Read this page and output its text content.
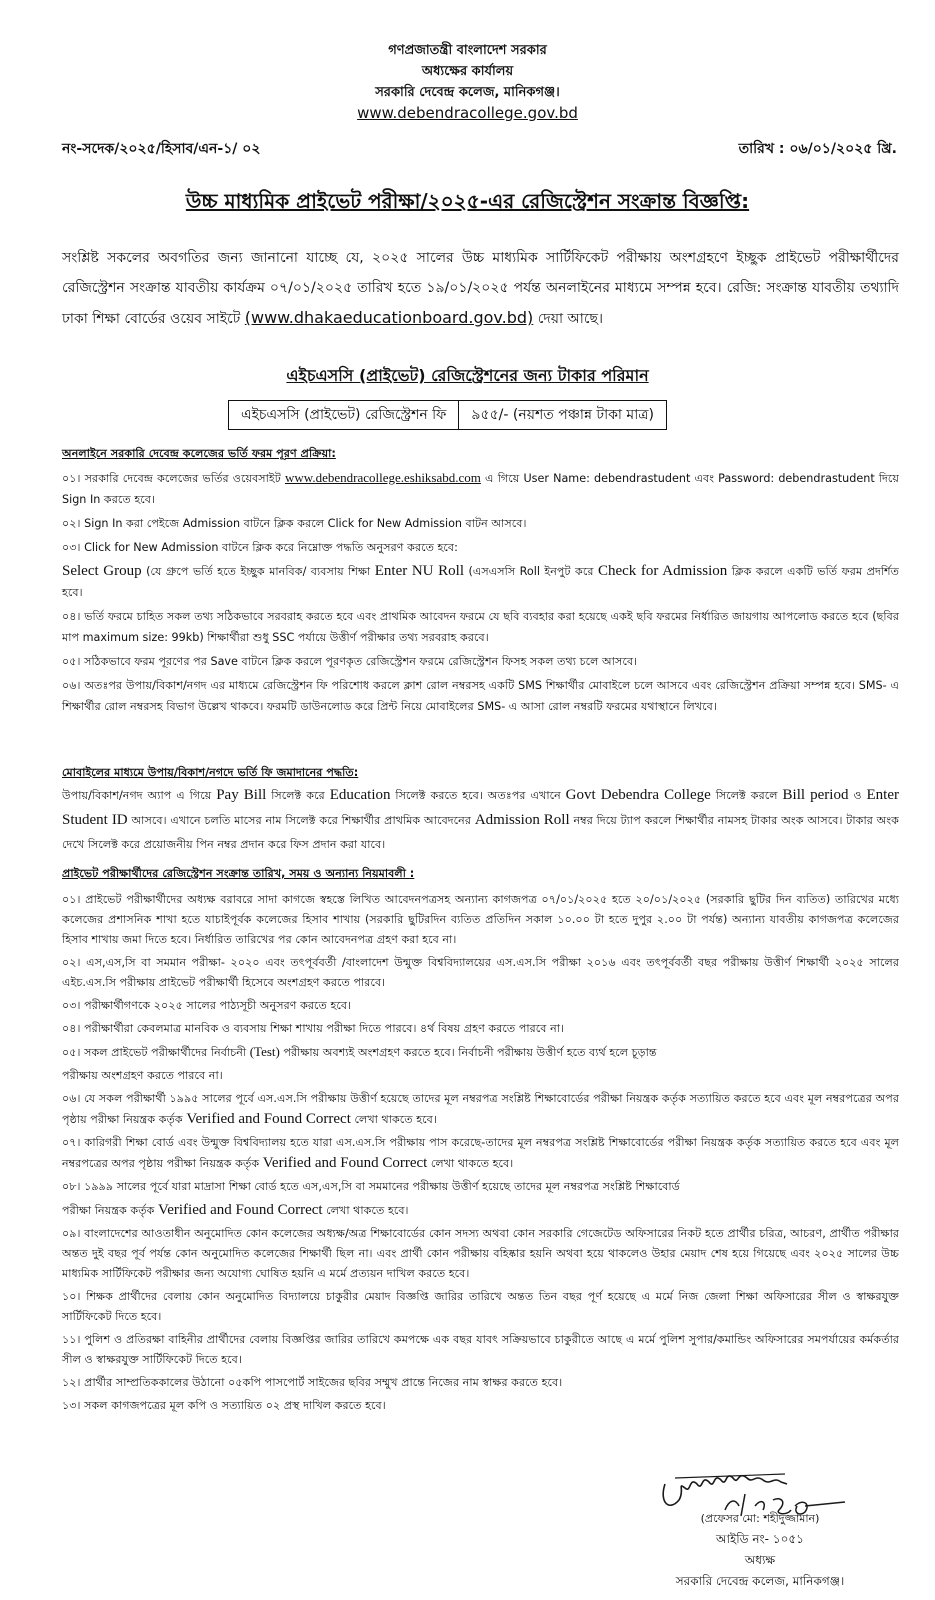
গণপ্রজাতন্ত্রী বাংলাদেশ সরকার
অধ্যক্ষের কার্যালয়
সরকারি দেবেন্দ্র কলেজ, মানিকগঞ্জ।
www.debendracollege.gov.bd
নং-সদেক/২০২৫/হিসাব/এন-১/ ০২	তারিখ : ০৬/০১/২০২৫ খ্রি.
উচ্চ মাধ্যমিক প্রাইভেট পরীক্ষা/২০২৫-এর রেজিস্ট্রেশন সংক্রান্ত বিজ্ঞপ্তি:
সংশ্লিষ্ট সকলের অবগতির জন্য জানানো যাচ্ছে যে, ২০২৫ সালের উচ্চ মাধ্যমিক সার্টিফিকেট পরীক্ষায় অংশগ্রহণে ইচ্ছুক প্রাইভেট পরীক্ষার্থীদের রেজিস্ট্রেশন সংক্রান্ত যাবতীয় কার্যক্রম ০৭/০১/২০২৫ তারিখ হতে ১৯/০১/২০২৫ পর্যন্ত অনলাইনের মাধ্যমে সম্পন্ন হবে। রেজি: সংক্রান্ত যাবতীয় তথ্যাদি ঢাকা শিক্ষা বোর্ডের ওয়েব সাইটে (www.dhakaeducationboard.gov.bd) দেয়া আছে।
এইচএসসি (প্রাইভেট) রেজিস্ট্রেশনের জন্য টাকার পরিমান
এইচএসসি (প্রাইভেট) রেজিস্ট্রেশন ফি	৯৫৫/- (নয়শত পঞ্চান্ন টাকা মাত্র)
অনলাইনে সরকারি দেবেন্দ্র কলেজের ভর্তি ফরম পূরণ প্রক্রিয়া:
০১। সরকারি দেবেন্দ্র কলেজের ভর্তির ওয়েবসাইট www.debendracollege.eshiksabd.com এ গিয়ে User Name: debendrastudent এবং Password: debendrastudent দিয়ে Sign In করতে হবে।
০২। Sign In করা পেইজে Admission বাটনে ক্লিক করলে Click for New Admission বাটন আসবে।
০৩। Click for New Admission বাটনে ক্লিক করে নিম্নোক্ত পদ্ধতি অনুসরণ করতে হবে:
Select Group (যে গ্রুপে ভর্তি হতে ইচ্ছুক মানবিক/ ব্যবসায় শিক্ষা Enter NU Roll (এসএসসি Roll ইনপুট করে Check for Admission ক্লিক করলে একটি ভর্তি ফরম প্রদর্শিত হবে।
০৪। ভর্তি ফরমে চাহিত সকল তথ্য সঠিকভাবে সরবরাহ করতে হবে এবং প্রাথমিক আবেদন ফরমে যে ছবি ব্যবহার করা হয়েছে একই ছবি ফরমের নির্ধারিত জায়গায় আপলোড করতে হবে (ছবির মাপ maximum size: 99kb) শিক্ষার্থীরা শুধু SSC পর্যায়ে উত্তীর্ণ পরীক্ষার তথ্য সরবরাহ করবে।
০৫। সঠিকভাবে ফরম পূরণের পর Save বাটনে ক্লিক করলে পূরণকৃত রেজিস্ট্রেশন ফরমে রেজিস্ট্রেশন ফিসহ সকল তথ্য চলে আসবে।
০৬। অতঃপর উপায়/বিকাশ/নগদ এর মাধ্যমে রেজিস্ট্রেশন ফি পরিশোধ করলে ক্লাশ রোল নম্বরসহ একটি SMS শিক্ষার্থীর মোবাইলে চলে আসবে এবং রেজিস্ট্রেশন প্রক্রিয়া সম্পন্ন হবে। SMS- এ শিক্ষার্থীর রোল নম্বরসহ বিভাগ উল্লেখ থাকবে। ফরমটি ডাউনলোড করে প্রিন্ট নিয়ে মোবাইলের SMS- এ আসা রোল নম্বরটি ফরমের যথাস্থানে লিখবে।
মোবাইলের মাধ্যমে উপায়/বিকাশ/নগদে ভর্তি ফি জমাদানের পদ্ধতি:
উপায়/বিকাশ/নগদ অ্যাপ এ গিয়ে Pay Bill সিলেক্ট করে Education সিলেক্ট করতে হবে। অতঃপর এখানে Govt Debendra College সিলেক্ট করলে Bill period ও Enter Student ID আসবে। এখানে চলতি মাসের নাম সিলেক্ট করে শিক্ষার্থীর প্রাথমিক আবেদনের Admission Roll নম্বর দিয়ে ট্যাপ করলে শিক্ষার্থীর নামসহ টাকার অংক আসবে। টাকার অংক দেখে সিলেক্ট করে প্রয়োজনীয় পিন নম্বর প্রদান করে ফিস প্রদান করা যাবে।
প্রাইভেট পরীক্ষার্থীদের রেজিস্ট্রেশন সংক্রান্ত তারিখ, সময় ও অন্যান্য নিয়মাবলী :
০১। প্রাইভেট পরীক্ষার্থীদের অধ্যক্ষ বরাবরে সাদা কাগজে স্বহস্তে লিখিত আবেদনপত্রসহ অন্যান্য কাগজপত্র ০৭/০১/২০২৫ হতে ২০/০১/২০২৫ (সরকারি ছুটির দিন ব্যতিত) তারিখের মধ্যে কলেজের প্রশাসনিক শাখা হতে যাচাইপূর্বক কলেজের হিসাব শাখায় (সরকারি ছুটিরদিন ব্যতিত প্রতিদিন সকাল ১০.০০ টা হতে দুপুর ২.০০ টা পর্যন্ত) অন্যান্য যাবতীয় কাগজপত্র কলেজের হিসাব শাখায় জমা দিতে হবে। নির্ধারিত তারিখের পর কোন আবেদনপত্র গ্রহণ করা হবে না।
০২। এস,এস,সি বা সমমান পরীক্ষা- ২০২০ এবং তৎপূর্ববর্তী /বাংলাদেশ উন্মুক্ত বিশ্ববিদ্যালয়ের এস.এস.সি পরীক্ষা ২০১৬ এবং তৎপূর্ববর্তী বছর পরীক্ষায় উত্তীর্ণ শিক্ষার্থী ২০২৫ সালের এইচ.এস.সি পরীক্ষায় প্রাইভেট পরীক্ষার্থী হিসেবে অংশগ্রহণ করতে পারবে।
০৩। পরীক্ষার্থীগণকে ২০২৫ সালের পাঠ্যসূচী অনুসরণ করতে হবে।
০৪। পরীক্ষার্থীরা কেবলমাত্র মানবিক ও ব্যবসায় শিক্ষা শাখায় পরীক্ষা দিতে পারবে। ৪র্থ বিষয় গ্রহণ করতে পারবে না।
০৫। সকল প্রাইভেট পরীক্ষার্থীদের নির্বাচনী (Test) পরীক্ষায় অবশ্যই অংশগ্রহণ করতে হবে। নির্বাচনী পরীক্ষায় উত্তীর্ণ হতে ব্যর্থ হলে চূড়ান্ত
পরীক্ষায় অংশগ্রহণ করতে পারবে না।
০৬। যে সকল পরীক্ষার্থী ১৯৯৫ সালের পূর্বে এস.এস.সি পরীক্ষায় উত্তীর্ণ হয়েছে তাদের মূল নম্বরপত্র সংশ্লিষ্ট শিক্ষাবোর্ডের পরীক্ষা নিয়ন্ত্রক কর্তৃক সত্যায়িত করতে হবে এবং মূল নম্বরপত্রের অপর পৃষ্ঠায় পরীক্ষা নিয়ন্ত্রক কর্তৃক Verified and Found Correct লেখা থাকতে হবে।
০৭। কারিগরী শিক্ষা বোর্ড এবং উন্মুক্ত বিশ্ববিদ্যালয় হতে যারা এস.এস.সি পরীক্ষায় পাস করেছে-তাদের মূল নম্বরপত্র সংশ্লিষ্ট শিক্ষাবোর্ডের পরীক্ষা নিয়ন্ত্রক কর্তৃক সত্যায়িত করতে হবে এবং মূল নম্বরপত্রের অপর পৃষ্ঠায় পরীক্ষা নিয়ন্ত্রক কর্তৃক Verified and Found Correct লেখা থাকতে হবে।
০৮। ১৯৯৯ সালের পূর্বে যারা মাদ্রাসা শিক্ষা বোর্ড হতে এস,এস,সি বা সমমানের পরীক্ষায় উত্তীর্ণ হয়েছে তাদের মূল নম্বরপত্র সংশ্লিষ্ট শিক্ষাবোর্ড
পরীক্ষা নিয়ন্ত্রক কর্তৃক Verified and Found Correct লেখা থাকতে হবে।
০৯। বাংলাদেশের আওতাধীন অনুমোদিত কোন কলেজের অধ্যক্ষ/অত্র শিক্ষাবোর্ডের কোন সদস্য অথবা কোন সরকারি গেজেটেড অফিসারের নিকট হতে প্রার্থীর চরিত্র, আচরণ, প্রার্থীত পরীক্ষার অন্তত দুই বছর পূর্ব পর্যন্ত কোন অনুমোদিত কলেজের শিক্ষার্থী ছিল না। এবং প্রার্থী কোন পরীক্ষায় বহিষ্কার হয়নি অথবা হয়ে থাকলেও উহার মেয়াদ শেষ হয়ে গিয়েছে এবং ২০২৫ সালের উচ্চ মাধ্যমিক সার্টিফিকেট পরীক্ষার জন্য অযোগ্য ঘোষিত হয়নি এ মর্মে প্রত্যয়ন দাখিল করতে হবে।
১০। শিক্ষক প্রার্থীদের বেলায় কোন অনুমোদিত বিদ্যালয়ে চাকুরীর মেয়াদ বিজ্ঞপ্তি জারির তারিখে অন্তত তিন বছর পূর্ণ হয়েছে এ মর্মে নিজ জেলা শিক্ষা অফিসারের সীল ও স্বাক্ষরযুক্ত সার্টিফিকেট দিতে হবে।
১১। পুলিশ ও প্রতিরক্ষা বাহিনীর প্রার্থীদের বেলায় বিজ্ঞপ্তির জারির তারিখে কমপক্ষে এক বছর যাবৎ সক্রিয়ভাবে চাকুরীতে আছে এ মর্মে পুলিশ সুপার/কমান্ডিং অফিসারের সমপর্যায়ের কর্মকর্তার সীল ও স্বাক্ষরযুক্ত সার্টিফিকেট দিতে হবে।
১২। প্রার্থীর সাম্প্রতিককালের উঠানো ০৫কপি পাসপোর্ট সাইজের ছবির সম্মুখ প্রান্তে নিজের নাম স্বাক্ষর করতে হবে।
১৩। সকল কাগজপত্রের মূল কপি ও সত্যায়িত ০২ প্রস্থ দাখিল করতে হবে।
(প্রফেসর মো: শহীদুজ্জামান)
আইডি নং- ১০৫১
অধ্যক্ষ
সরকারি দেবেন্দ্র কলেজ, মানিকগঞ্জ।
